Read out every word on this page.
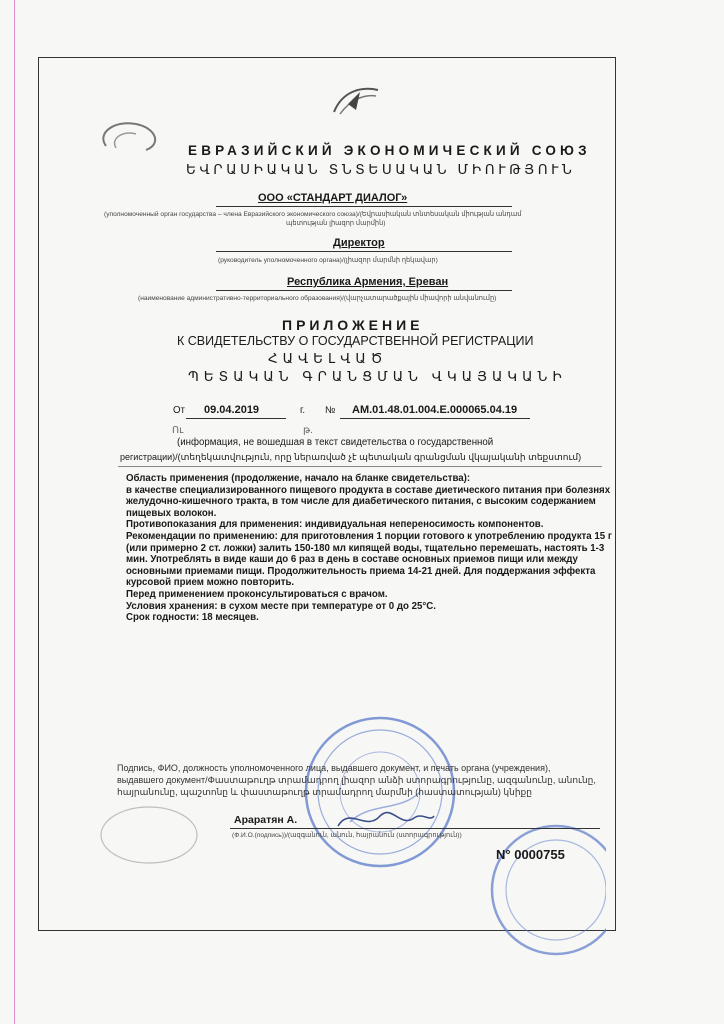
ЕВРАЗИЙСКИЙ ЭКОНОМИЧЕСКИЙ СОЮЗ
ԵՎՐԱՍԻԱԿԱՆ ՏՆՏԵՍԱԿԱՆ ՄԻՈՒԹՅՈՒՆ
ООО «СТАНДАРТ ДИАЛОГ»
(уполномоченный орган государства – члена Евразийского экономического союза)/(Եվրասիական տնտեսական միության անդամ
պետության լիազոր մարմին)
Директор
(руководитель уполномоченного органа)/(լիազոր մարմնի ղեկավար)
Республика Армения, Ереван
(наименование административно-территориального образования)/(վարչատարածքային միավորի անվանումը)
ПРИЛОЖЕНИЕ
К СВИДЕТЕЛЬСТВУ О ГОСУДАРСТВЕННОЙ РЕГИСТРАЦИИ
ՀԱՎԵԼՎԱԾ
ՊԵՏԱԿԱՆ ԳՐԱՆՑՄԱՆ ՎԿԱՅԱԿԱՆԻ
От 09.04.2019	г. № AM.01.48.01.004.E.000065.04.19
Ու	թ.
(информация, не вошедшая в текст свидетельства о государственной
регистрации)/(տեղեկատվություն, որը ներառված չէ պետական գրանցման վկայականի տեքստում)
Область применения (продолжение, начало на бланке свидетельства):
в качестве специализированного пищевого продукта в составе диетического питания при болезнях
желудочно-кишечного тракта, в том числе для диабетического питания, с высоким содержанием
пищевых волокон.
Противопоказания для применения: индивидуальная непереносимость компонентов.
Рекомендации по применению: для приготовления 1 порции готового к употреблению продукта 15 г
(или примерно 2 ст. ложки) залить 150-180 мл кипящей воды, тщательно перемешать, настоять 1-3
мин. Употреблять в виде каши до 6 раз в день в составе основных приемов пищи или между
основными приемами пищи. Продолжительность приема 14-21 дней. Для поддержания эффекта
курсовой прием можно повторить.
Перед применением проконсультироваться с врачом.
Условия хранения: в сухом месте при температуре от 0 до 25°С.
Срок годности: 18 месяцев.
Подпись, ФИО, должность уполномоченного лица, выдавшего документ, и печать органа (учреждения),
выдавшего документ/Փաստաթուղթ տրամադրող լիազոր անձի ստորագրությունը, ազգանունը, անունը,
հայրանունը, պաշտոնը և փաստաթուղթ տրամադրող մարմնի (հաստատության) կնիքը
Араратян А.
(Ф.И.О.(подпись))/(ազգանուն, անուն, հայրանուն (ստորագրություն))
N° 0000755
